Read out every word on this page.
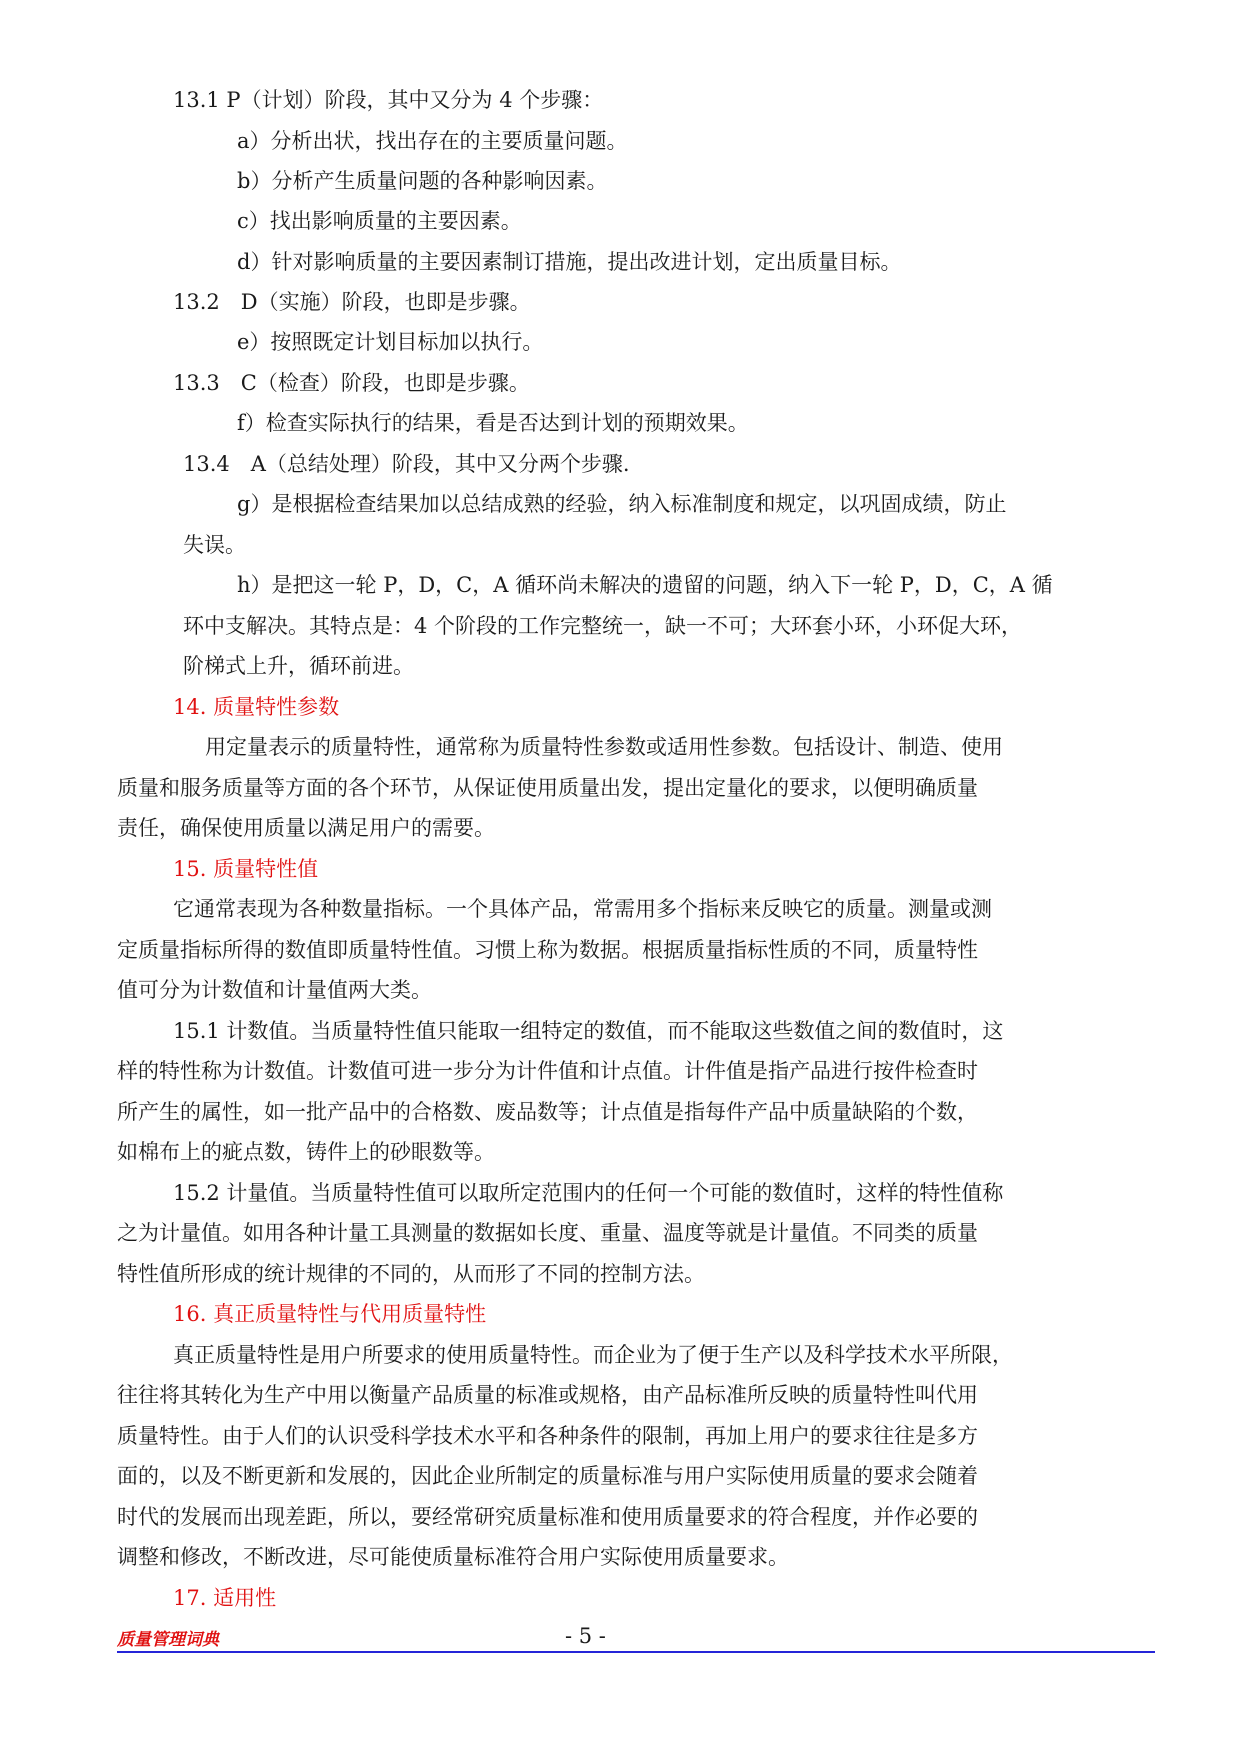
13.1 P（计划）阶段，其中又分为 4 个步骤：

a）分析出状，找出存在的主要质量问题。

b）分析产生质量问题的各种影响因素。

c）找出影响质量的主要因素。

d）针对影响质量的主要因素制订措施，提出改进计划，定出质量目标。

13.2　D（实施）阶段，也即是步骤。

e）按照既定计划目标加以执行。

13.3　C（检查）阶段，也即是步骤。

f）检查实际执行的结果，看是否达到计划的预期效果。

13.4　A（总结处理）阶段，其中又分两个步骤.

g）是根据检查结果加以总结成熟的经验，纳入标准制度和规定，以巩固成绩，防止

失误。

h）是把这一轮 P，D，C，A 循环尚未解决的遗留的问题，纳入下一轮 P，D，C，A 循

环中支解决。其特点是：4 个阶段的工作完整统一，缺一不可；大环套小环，小环促大环，

阶梯式上升，循环前进。

14. 质量特性参数

用定量表示的质量特性，通常称为质量特性参数或适用性参数。包括设计、制造、使用

质量和服务质量等方面的各个环节，从保证使用质量出发，提出定量化的要求，以便明确质量

责任，确保使用质量以满足用户的需要。

15. 质量特性值

它通常表现为各种数量指标。一个具体产品，常需用多个指标来反映它的质量。测量或测

定质量指标所得的数值即质量特性值。习惯上称为数据。根据质量指标性质的不同，质量特性

值可分为计数值和计量值两大类。

15.1 计数值。当质量特性值只能取一组特定的数值，而不能取这些数值之间的数值时，这

样的特性称为计数值。计数值可进一步分为计件值和计点值。计件值是指产品进行按件检查时

所产生的属性，如一批产品中的合格数、废品数等；计点值是指每件产品中质量缺陷的个数，

如棉布上的疵点数，铸件上的砂眼数等。

15.2 计量值。当质量特性值可以取所定范围内的任何一个可能的数值时，这样的特性值称

之为计量值。如用各种计量工具测量的数据如长度、重量、温度等就是计量值。不同类的质量

特性值所形成的统计规律的不同的，从而形了不同的控制方法。

16. 真正质量特性与代用质量特性

真正质量特性是用户所要求的使用质量特性。而企业为了便于生产以及科学技术水平所限，

往往将其转化为生产中用以衡量产品质量的标准或规格，由产品标准所反映的质量特性叫代用

质量特性。由于人们的认识受科学技术水平和各种条件的限制，再加上用户的要求往往是多方

面的，以及不断更新和发展的，因此企业所制定的质量标准与用户实际使用质量的要求会随着

时代的发展而出现差距，所以，要经常研究质量标准和使用质量要求的符合程度，并作必要的

调整和修改，不断改进，尽可能使质量标准符合用户实际使用质量要求。

17. 适用性

质量管理词典	- 5 -
